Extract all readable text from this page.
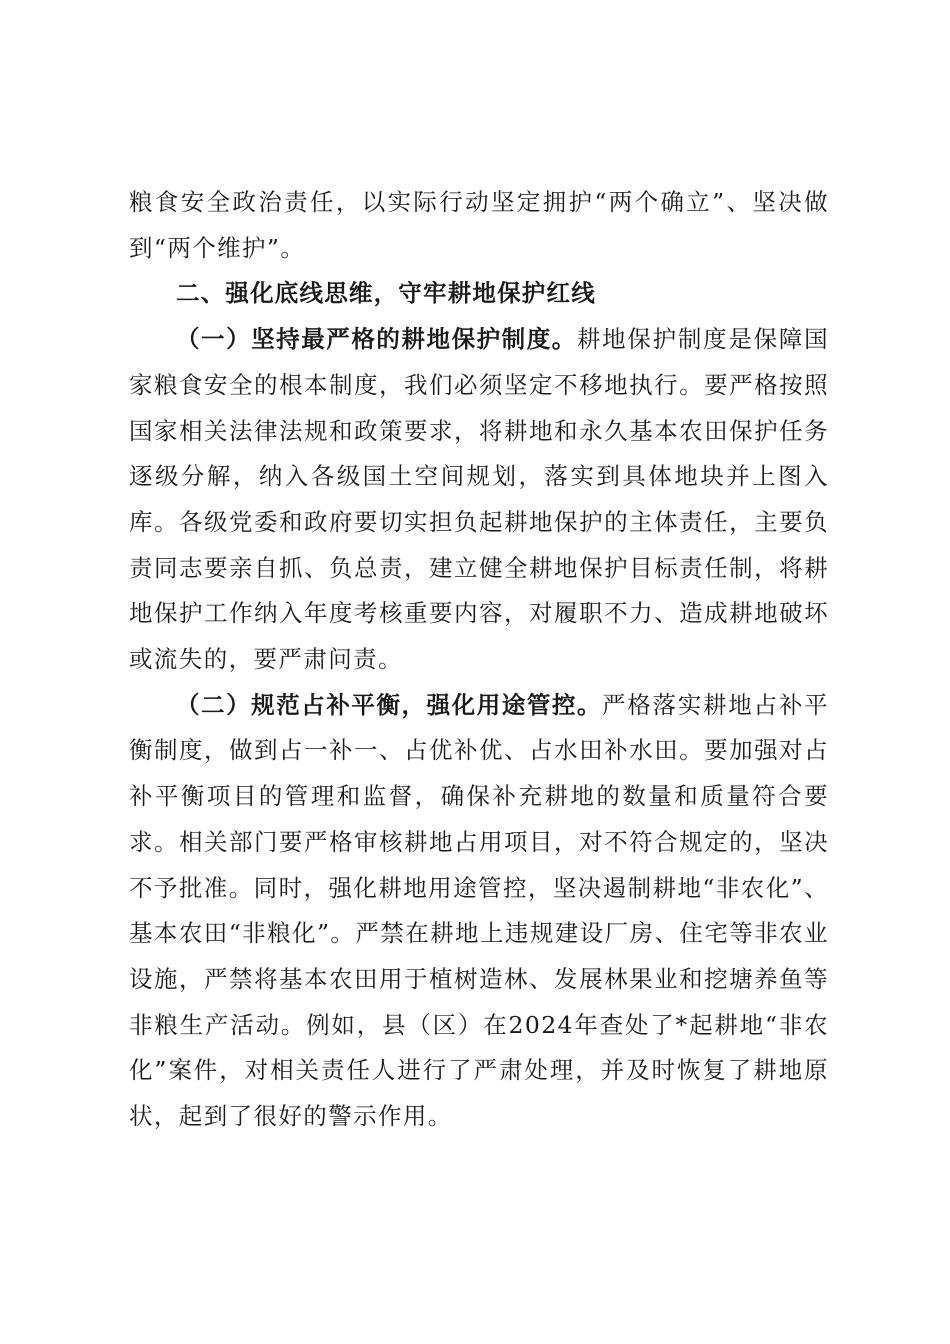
粮食安全政治责任，以实际行动坚定拥护“两个确立”、坚决做到“两个维护”。

二、强化底线思维，守牢耕地保护红线

（一）坚持最严格的耕地保护制度。耕地保护制度是保障国家粮食安全的根本制度，我们必须坚定不移地执行。要严格按照国家相关法律法规和政策要求，将耕地和永久基本农田保护任务逐级分解，纳入各级国土空间规划，落实到具体地块并上图入库。各级党委和政府要切实担负起耕地保护的主体责任，主要负责同志要亲自抓、负总责，建立健全耕地保护目标责任制，将耕地保护工作纳入年度考核重要内容，对履职不力、造成耕地破坏或流失的，要严肃问责。

（二）规范占补平衡，强化用途管控。严格落实耕地占补平衡制度，做到占一补一、占优补优、占水田补水田。要加强对占补平衡项目的管理和监督，确保补充耕地的数量和质量符合要求。相关部门要严格审核耕地占用项目，对不符合规定的，坚决不予批准。同时，强化耕地用途管控，坚决遏制耕地“非农化”、基本农田“非粮化”。严禁在耕地上违规建设厂房、住宅等非农业设施，严禁将基本农田用于植树造林、发展林果业和挖塘养鱼等非粮生产活动。例如，县（区）在2024年查处了*起耕地“非农化”案件，对相关责任人进行了严肃处理，并及时恢复了耕地原状，起到了很好的警示作用。
